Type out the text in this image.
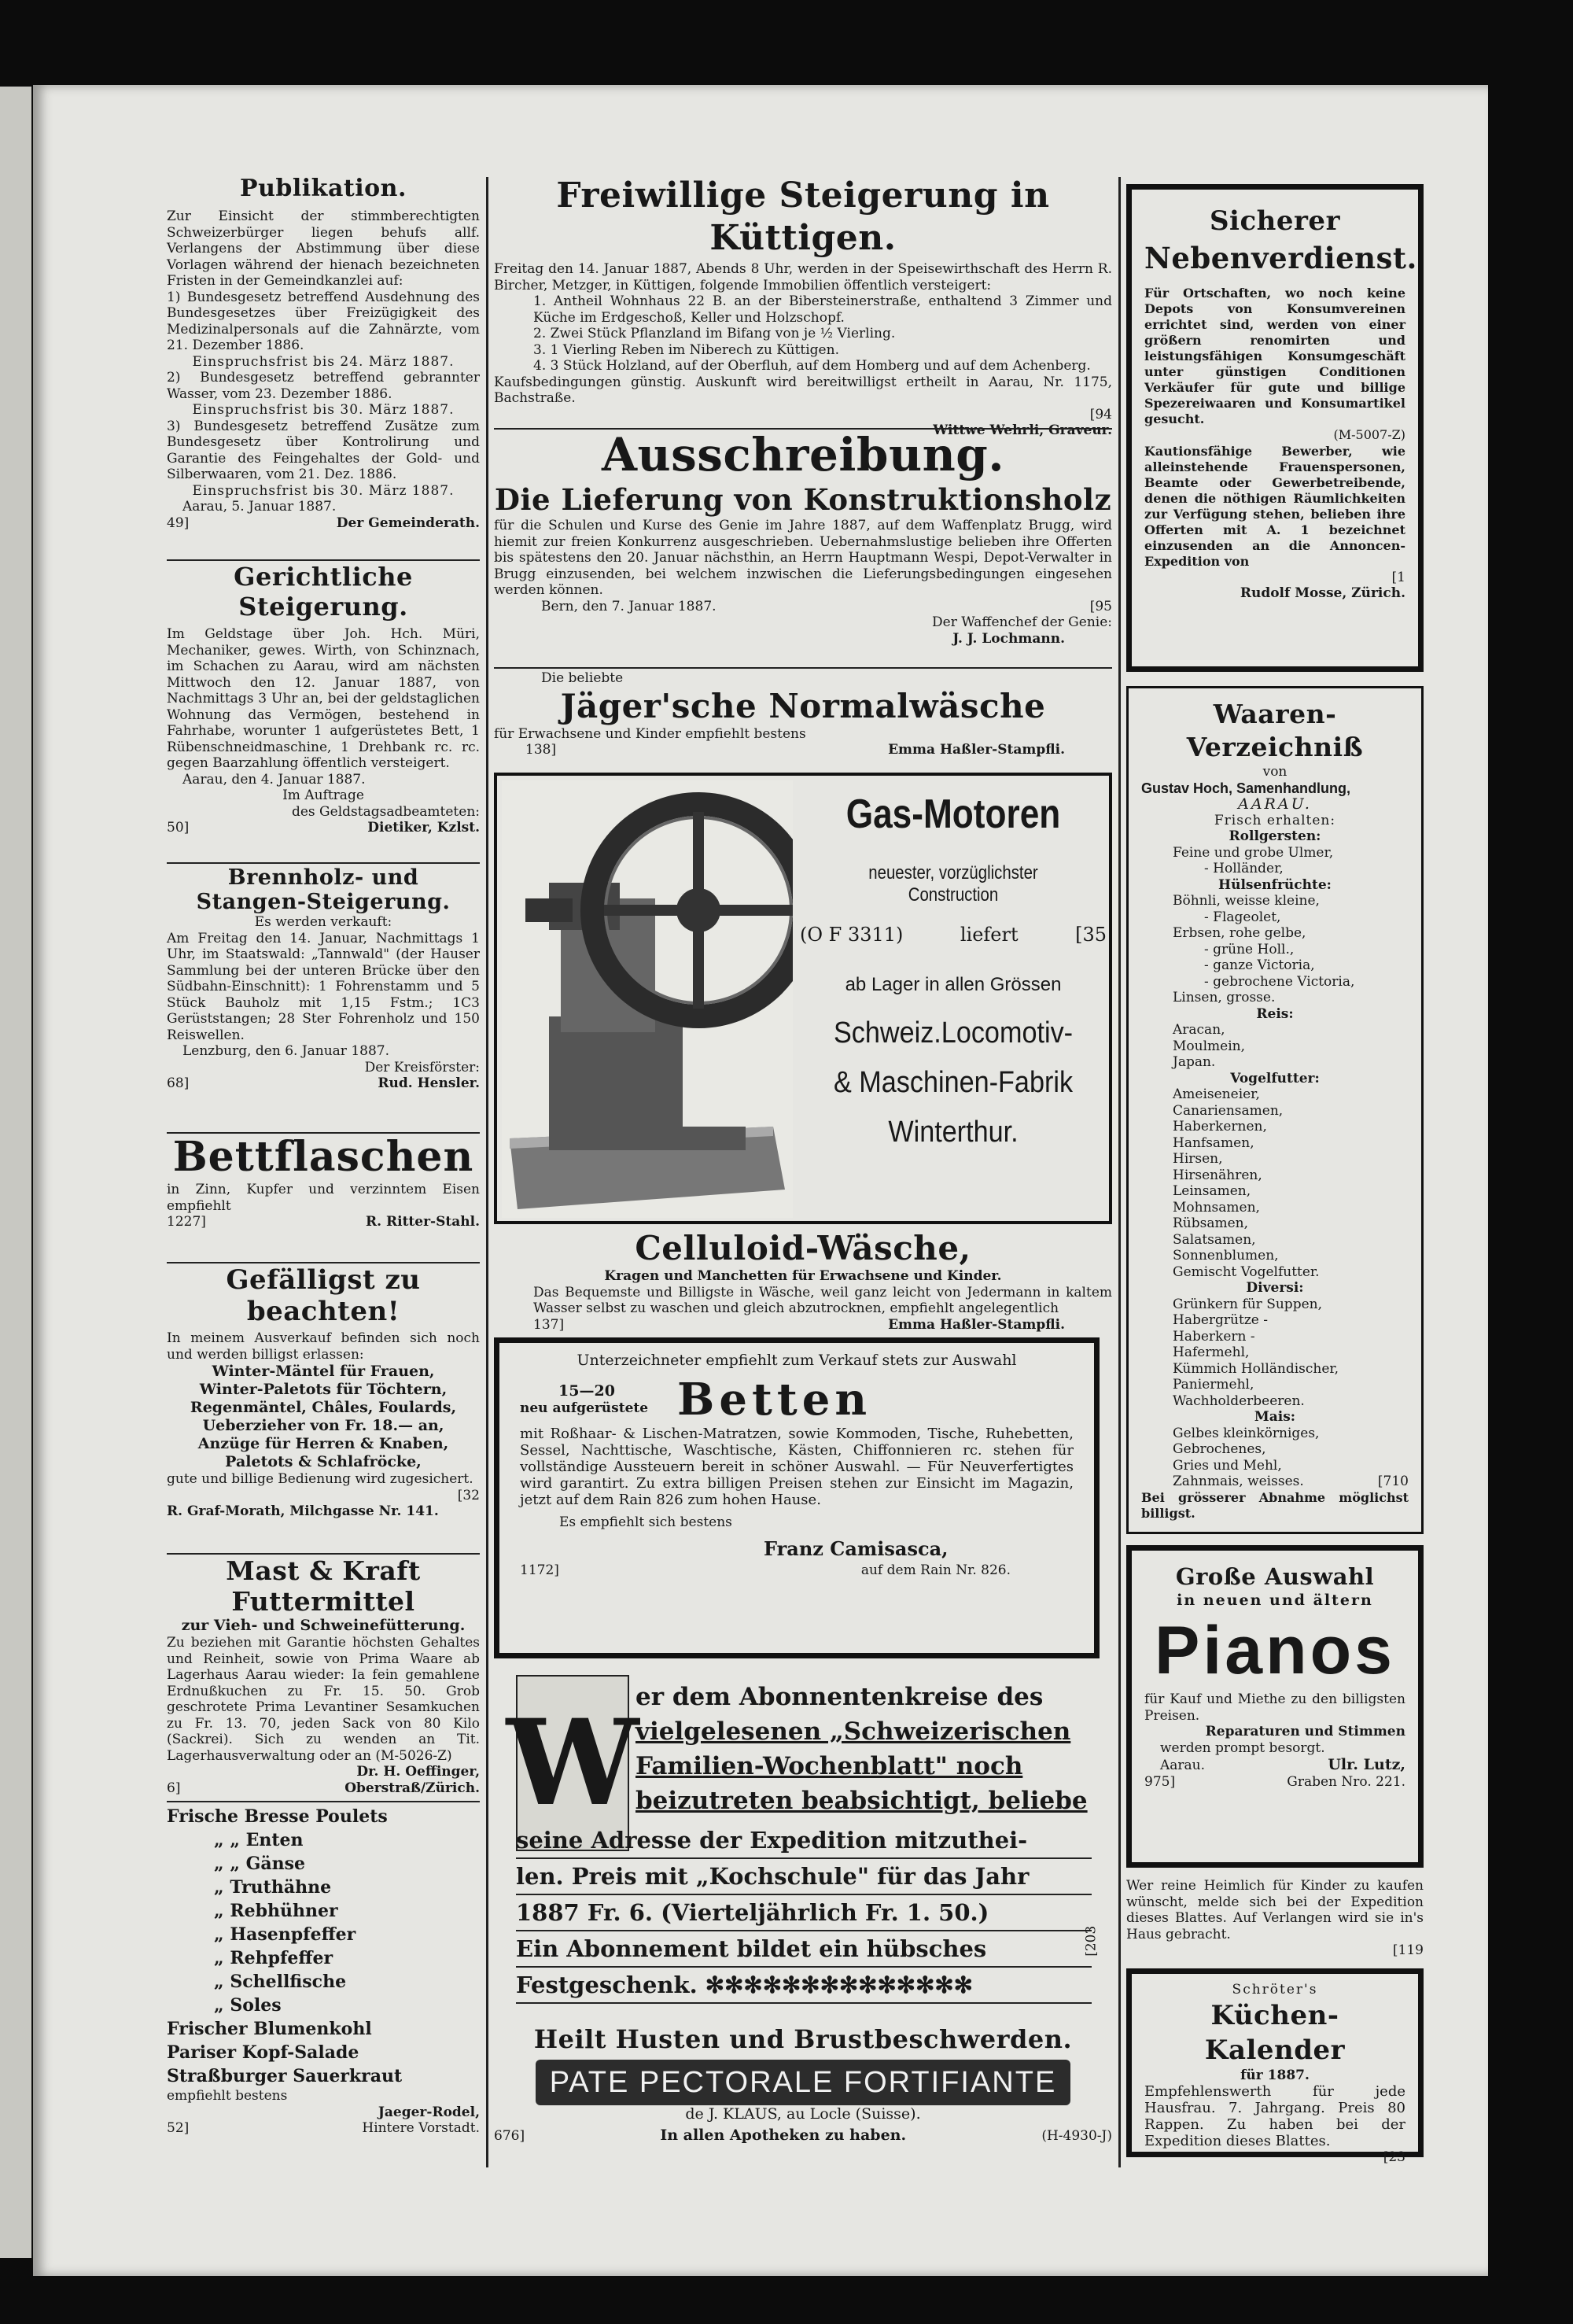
Publikation.

Zur Einsicht der stimmberechtigten Schweizerbürger liegen behufs allf. Verlangens der Abstimmung über diese Vorlagen während der hienach bezeichneten Fristen in der Gemeindkanzlei auf:

1) Bundesgesetz betreffend Ausdehnung des Bundesgesetzes über Freizügigkeit des Medizinalpersonals auf die Zahnärzte, vom 21. Dezember 1886.

Einspruchsfrist bis 24. März 1887.

2) Bundesgesetz betreffend gebrannter Wasser, vom 23. Dezember 1886.

Einspruchsfrist bis 30. März 1887.

3) Bundesgesetz betreffend Zusätze zum Bundesgesetz über Kontrolirung und Garantie des Feingehaltes der Gold- und Silberwaaren, vom 21. Dez. 1886.

Einspruchsfrist bis 30. März 1887.

Aarau, 5. Januar 1887.

49]	Der Gemeinderath.

Gerichtliche Steigerung.

Im Geldstage über Joh. Hch. Müri, Mechaniker, gewes. Wirth, von Schinznach, im Schachen zu Aarau, wird am nächsten Mittwoch den 12. Januar 1887, von Nachmittags 3 Uhr an, bei der geldstaglichen Wohnung das Vermögen, bestehend in Fahrhabe, worunter 1 aufgerüstetes Bett, 1 Rübenschneidmaschine, 1 Drehbank rc. rc. gegen Baarzahlung öffentlich versteigert.

Aarau, den 4. Januar 1887.

Im Auftrage

des Geldstagsadbeamteten:

50]	Dietiker, Kzlst.

Brennholz- und

Stangen-Steigerung.

Es werden verkauft:

Am Freitag den 14. Januar, Nachmittags 1 Uhr, im Staatswald: „Tannwald" (der Hauser Sammlung bei der unteren Brücke über den Südbahn-Einschnitt): 1 Fohrenstamm und 5 Stück Bauholz mit 1,15 Fstm.; 1C3 Gerüststangen; 28 Ster Fohrenholz und 150 Reiswellen.

Lenzburg, den 6. Januar 1887.

Der Kreisförster:

68]	Rud. Hensler.

Bettflaschen

in Zinn, Kupfer und verzinntem Eisen empfiehlt

1227]	R. Ritter-Stahl.

Gefälligst zu beachten!

In meinem Ausverkauf befinden sich noch und werden billigst erlassen:

Winter-Mäntel für Frauen,

Winter-Paletots für Töchtern,

Regenmäntel, Châles, Foulards,

Ueberzieher von Fr. 18.— an,

Anzüge für Herren & Knaben,

Paletots & Schlafröcke,

gute und billige Bedienung wird zugesichert.

[32

R. Graf-Morath, Milchgasse Nr. 141.

Mast & Kraft Futtermittel

zur Vieh- und Schweinefütterung.

Zu beziehen mit Garantie höchsten Gehaltes und Reinheit, sowie von Prima Waare ab Lagerhaus Aarau wieder: Ia fein gemahlene Erdnußkuchen zu Fr. 15. 50. Grob geschrotete Prima Levantiner Sesamkuchen zu Fr. 13. 70, jeden Sack von 80 Kilo (Sackrei). Sich zu wenden an Tit. Lagerhausverwaltung oder an (M-5026-Z)

Dr. H. Oeffinger,

6]	Oberstraß/Zürich.

Frische Bresse Poulets

„ „ Enten

„ „ Gänse

„ Truthähne

„ Rebhühner

„ Hasenpfeffer

„ Rehpfeffer

„ Schellfische

„ Soles

Frischer Blumenkohl

Pariser Kopf-Salade

Straßburger Sauerkraut

empfiehlt bestens

Jaeger-Rodel,

52]	Hintere Vorstadt.

Freiwillige Steigerung in Küttigen.

Freitag den 14. Januar 1887, Abends 8 Uhr, werden in der Speisewirthschaft des Herrn R. Bircher, Metzger, in Küttigen, folgende Immobilien öffentlich versteigert:

1. Antheil Wohnhaus 22 B. an der Bibersteinerstraße, enthaltend 3 Zimmer und Küche im Erdgeschoß, Keller und Holzschopf.

2. Zwei Stück Pflanzland im Bifang von je ½ Vierling.

3. 1 Vierling Reben im Niberech zu Küttigen.

4. 3 Stück Holzland, auf der Oberfluh, auf dem Homberg und auf dem Achenberg.

Kaufsbedingungen günstig. Auskunft wird bereitwilligst ertheilt in Aarau, Nr. 1175, Bachstraße.

[94

Wittwe Wehrli, Graveur.

Ausschreibung.

Die Lieferung von Konstruktionsholz

für die Schulen und Kurse des Genie im Jahre 1887, auf dem Waffenplatz Brugg, wird hiemit zur freien Konkurrenz ausgeschrieben. Uebernahmslustige belieben ihre Offerten bis spätestens den 20. Januar nächsthin, an Herrn Hauptmann Wespi, Depot-Verwalter in Brugg einzusenden, bei welchem inzwischen die Lieferungsbedingungen eingesehen werden können.

Bern, den 7. Januar 1887.	[95

Der Waffenchef der Genie:

J. J. Lochmann.

Die beliebte

Jäger'sche Normalwäsche

für Erwachsene und Kinder empfiehlt bestens

138]	Emma Haßler-Stampfli.

Gas-Motoren

neuester, vorzüglichster Construction

(O F 3311)	liefert	[35

ab Lager in allen Grössen

Schweiz.Locomotiv-

& Maschinen-Fabrik

Winterthur.

Celluloid-Wäsche,

Kragen und Manchetten für Erwachsene und Kinder.

Das Bequemste und Billigste in Wäsche, weil ganz leicht von Jedermann in kaltem Wasser selbst zu waschen und gleich abzutrocknen, empfiehlt angelegentlich

137]	Emma Haßler-Stampfli.

Unterzeichneter empfiehlt zum Verkauf stets zur Auswahl

15—20

neu aufgerüstete Betten

mit Roßhaar- & Lischen-Matratzen, sowie Kommoden, Tische, Ruhebetten, Sessel, Nachttische, Waschtische, Kästen, Chiffonnieren rc. stehen für vollständige Aussteuern bereit in schöner Auswahl. — Für Neuverfertigtes wird garantirt. Zu extra billigen Preisen stehen zur Einsicht im Magazin, jetzt auf dem Rain 826 zum hohen Hause.

Es empfiehlt sich bestens

Franz Camisasca,

1172]	auf dem Rain Nr. 826.
W

er dem Abonnentenkreise des

vielgelesenen „Schweizerischen

Familien-Wochenblatt" noch

beizutreten beabsichtigt, beliebe

seine Adresse der Expedition mitzuthei-

len. Preis mit „Kochschule" für das Jahr

1887 Fr. 6. (Vierteljährlich Fr. 1. 50.)

Ein Abonnement bildet ein hübsches

Festgeschenk. ✻✻✻✻✻✻✻✻✻✻✻✻✻✻

[203

Heilt Husten und Brustbeschwerden.

PATE PECTORALE FORTIFIANTE

de J. KLAUS, au Locle (Suisse).

676]	In allen Apotheken zu haben.	(H-4930-J)

Sicherer

Nebenverdienst.

Für Ortschaften, wo noch keine Depots von Konsumvereinen errichtet sind, werden von einer größern renomirten und leistungsfähigen Konsumgeschäft unter günstigen Conditionen Verkäufer für gute und billige Spezereiwaaren und Konsumartikel gesucht.

(M-5007-Z)

Kautionsfähige Bewerber, wie alleinstehende Frauenspersonen, Beamte oder Gewerbetreibende, denen die nöthigen Räumlichkeiten zur Verfügung stehen, belieben ihre Offerten mit A. 1 bezeichnet einzusenden an die Annoncen-Expedition von

[1

Rudolf Mosse, Zürich.

Waaren-Verzeichniß

von

Gustav Hoch, Samenhandlung,

AARAU.

Frisch erhalten:

Rollgersten:

Feine und grobe Ulmer,

- Holländer,

Hülsenfrüchte:

Böhnli, weisse kleine,

- Flageolet,

Erbsen, rohe gelbe,

- grüne Holl.,

- ganze Victoria,

- gebrochene Victoria,

Linsen, grosse.

Reis:

Aracan,

Moulmein,

Japan.

Vogelfutter:

Ameiseneier,

Canariensamen,

Haberkernen,

Hanfsamen,

Hirsen,

Hirsenähren,

Leinsamen,

Mohnsamen,

Rübsamen,

Salatsamen,

Sonnenblumen,

Gemischt Vogelfutter.

Diversi:

Grünkern für Suppen,

Habergrütze -

Haberkern -

Hafermehl,

Kümmich Holländischer,

Paniermehl,

Wachholderbeeren.

Mais:

Gelbes kleinkörniges,

Gebrochenes,

Gries und Mehl,

Zahnmais, weisses.	[710

Bei grösserer Abnahme möglichst billigst.

Große Auswahl

in neuen und ältern

Pianos

für Kauf und Miethe zu den billigsten Preisen.

Reparaturen und Stimmen

werden prompt besorgt.

Aarau.	Ulr. Lutz,
975]	Graben Nro. 221.

Wer reine Heimlich für Kinder zu kaufen wünscht, melde sich bei der Expedition dieses Blattes. Auf Verlangen wird sie in's Haus gebracht.

[119

Schröter's

Küchen-Kalender

für 1887.

Empfehlenswerth für jede Hausfrau. 7. Jahrgang. Preis 80 Rappen. Zu haben bei der Expedition dieses Blattes.

[23
